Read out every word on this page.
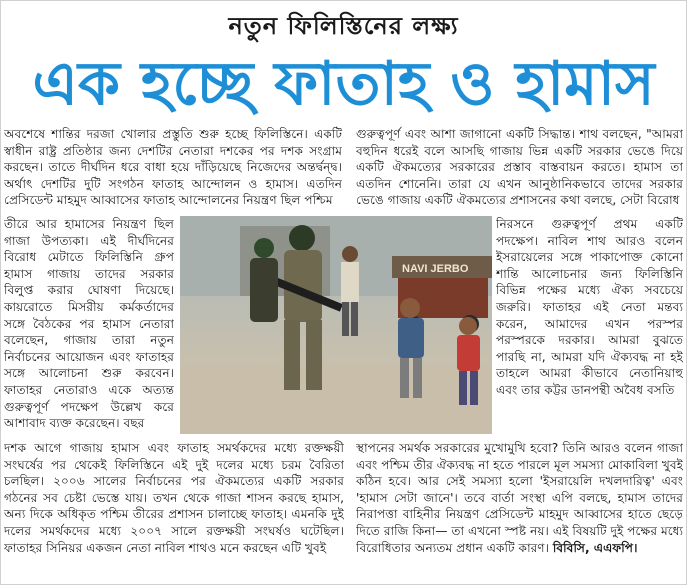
নতুন ফিলিস্তিনের লক্ষ্য
এক হচ্ছে ফাতাহ ও হামাস

অবশেষে শান্তির দরজা খোলার প্রস্তুতি শুরু হচ্ছে ফিলিস্তিনে। একটি স্বাধীন রাষ্ট্র প্রতিষ্ঠার জন্য দেশটির নেতারা দশকের পর দশক সংগ্রাম করছেন। তাতে দীর্ঘদিন ধরে বাধা হয়ে দাঁড়িয়েছে নিজেদের অন্তর্দ্বন্দ্ব। অর্থাৎ দেশটির দুটি সংগঠন ফাতাহ আন্দোলন ও হামাস। এতদিন প্রেসিডেন্ট মাহমুদ আব্বাসের ফাতাহ আন্দোলনের নিয়ন্ত্রণ ছিল পশ্চিম

তীরে আর হামাসের নিয়ন্ত্রণ ছিল গাজা উপত্যকা। এই দীর্ঘদিনের বিরোধ মেটাতে ফিলিস্তিনি গ্রুপ হামাস গাজায় তাদের সরকার বিলুপ্ত করার ঘোষণা দিয়েছে। কায়রোতে মিসরীয় কর্মকর্তাদের সঙ্গে বৈঠকের পর হামাস নেতারা বলেছেন, গাজায় তারা নতুন নির্বাচনের আয়োজন এবং ফাতাহর সঙ্গে আলোচনা শুরু করবেন। ফাতাহর নেতারাও একে অত্যন্ত গুরুত্বপূর্ণ পদক্ষেপ উল্লেখ করে আশাবাদ ব্যক্ত করেছেন। বছর

গুরুত্বপূর্ণ এবং আশা জাগানো একটি সিদ্ধান্ত। শাথ বলছেন, "আমরা বহুদিন ধরেই বলে আসছি গাজায় ভিন্ন একটি সরকার ভেঙে দিয়ে একটি ঐকমত্যের সরকারের প্রস্তাব বাস্তবায়ন করতে। হামাস তা এতদিন শোনেনি। তারা যে এখন আনুষ্ঠানিকভাবে তাদের সরকার ভেঙে গাজায় একটি ঐকমত্যের প্রশাসনের কথা বলছে, সেটা বিরোধ

নিরসনে গুরুত্বপূর্ণ প্রথম একটি পদক্ষেপ। নাবিল শাথ আরও বলেন ইসরায়েলের সঙ্গে পাকাপোক্ত কোনো শান্তি আলোচনার জন্য ফিলিস্তিনি বিভিন্ন পক্ষের মধ্যে ঐক্য সবচেয়ে জরুরি। ফাতাহর এই নেতা মন্তব্য করেন, আমাদের এখন পরস্পর পরস্পরকে দরকার। আমরা বুঝতে পারছি না, আমরা যদি ঐক্যবদ্ধ না হই তাহলে আমরা কীভাবে নেতানিয়াহু এবং তার কট্টর ডানপন্থী অবৈধ বসতি

NAVI JERBO

দশক আগে গাজায় হামাস এবং ফাতাহ সমর্থকদের মধ্যে রক্তক্ষয়ী সংঘর্ষের পর থেকেই ফিলিস্তিনে এই দুই দলের মধ্যে চরম বৈরিতা চলছিল। ২০০৬ সালের নির্বাচনের পর ঐকমত্যের একটি সরকার গঠনের সব চেষ্টা ভেস্তে যায়। তখন থেকে গাজা শাসন করছে হামাস, অন্য দিকে অধিকৃত পশ্চিম তীরের প্রশাসন চালাচ্ছে ফাতাহ। এমনকি দুই দলের সমর্থকদের মধ্যে ২০০৭ সালে রক্তক্ষয়ী সংঘর্ষও ঘটেছিল। ফাতাহর সিনিয়র একজন নেতা নাবিল শাথও মনে করছেন এটি খুবই

স্থাপনের সমর্থক সরকারের মুখোমুখি হবো? তিনি আরও বলেন গাজা এবং পশ্চিম তীর ঐক্যবদ্ধ না হতে পারলে মূল সমস্যা মোকাবিলা খুবই কঠিন হবে। আর সেই সমস্যা হলো 'ইসরায়েলি দখলদারিত্ব' এবং 'হামাস সেটা জানে'। তবে বার্তা সংস্থা এপি বলছে, হামাস তাদের নিরাপত্তা বাহিনীর নিয়ন্ত্রণ প্রেসিডেন্ট মাহমুদ আব্বাসের হাতে ছেড়ে দিতে রাজি কিনা— তা এখনো স্পষ্ট নয়। এই বিষয়টি দুই পক্ষের মধ্যে বিরোধিতার অন্যতম প্রধান একটি কারণ। বিবিসি, এএফপি।
